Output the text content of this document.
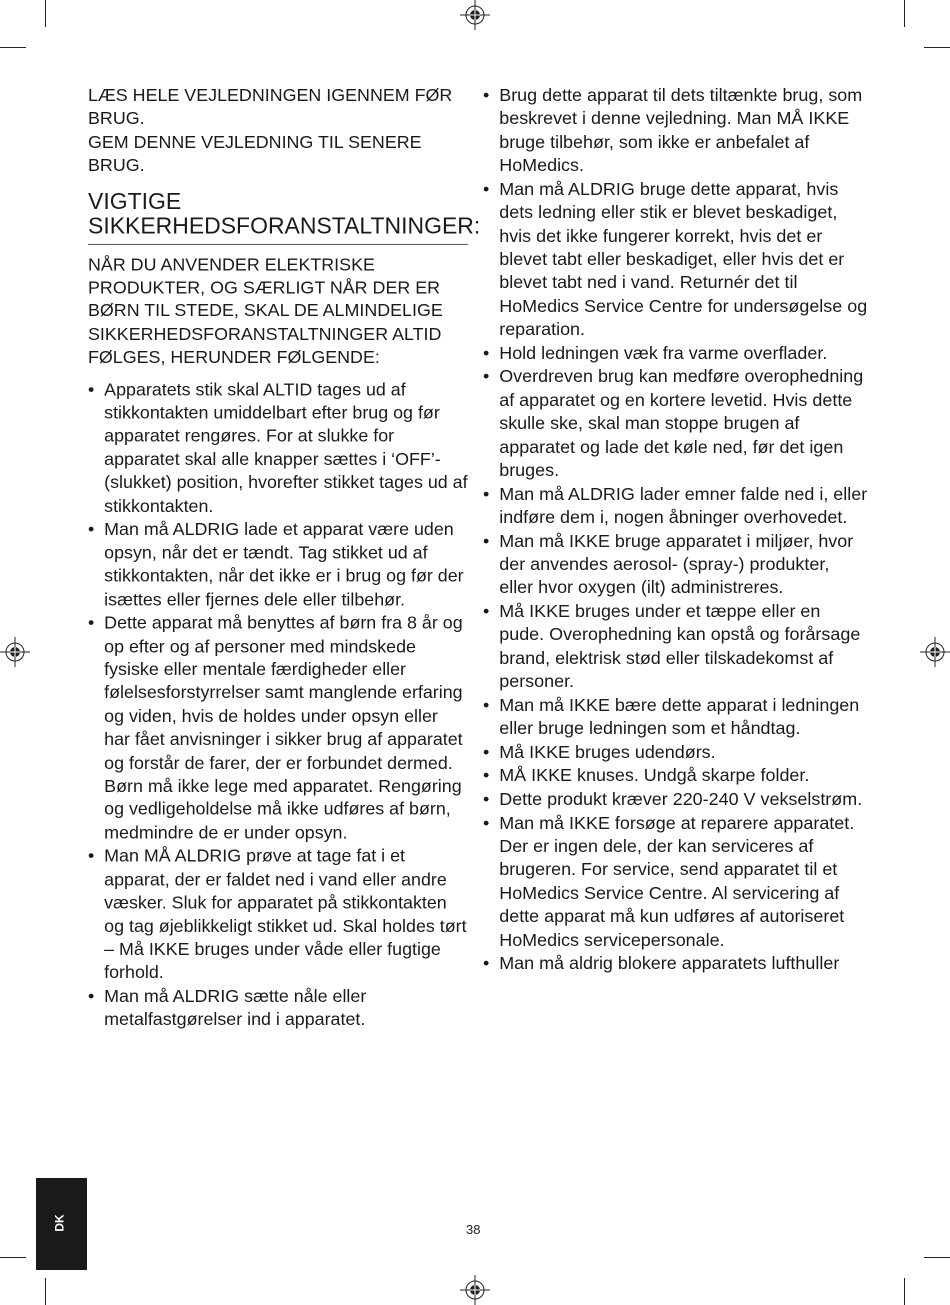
LÆS HELE VEJLEDNINGEN IGENNEM FØR BRUG.

GEM DENNE VEJLEDNING TIL SENERE BRUG.

VIGTIGE SIKKERHEDSFORANSTALTNINGER:

NÅR DU ANVENDER ELEKTRISKE PRODUKTER, OG SÆRLIGT NÅR DER ER BØRN TIL STEDE, SKAL DE ALMINDELIGE SIKKERHEDSFORANSTALTNINGER ALTID FØLGES, HERUNDER FØLGENDE:

• Apparatets stik skal ALTID tages ud af stikkontakten umiddelbart efter brug og før apparatet rengøres. For at slukke for apparatet skal alle knapper sættes i ‘OFF’- (slukket) position, hvorefter stikket tages ud af stikkontakten.
• Man må ALDRIG lade et apparat være uden opsyn, når det er tændt. Tag stikket ud af stikkontakten, når det ikke er i brug og før der isættes eller fjernes dele eller tilbehør.
• Dette apparat må benyttes af børn fra 8 år og op efter og af personer med mindskede fysiske eller mentale færdigheder eller følelsesforstyrrelser samt manglende erfaring og viden, hvis de holdes under opsyn eller har fået anvisninger i sikker brug af apparatet og forstår de farer, der er forbundet dermed. Børn må ikke lege med apparatet. Rengøring og vedligeholdelse må ikke udføres af børn, medmindre de er under opsyn.
• Man MÅ ALDRIG prøve at tage fat i et apparat, der er faldet ned i vand eller andre væsker. Sluk for apparatet på stikkontakten og tag øjeblikkeligt stikket ud. Skal holdes tørt – Må IKKE bruges under våde eller fugtige forhold.
• Man må ALDRIG sætte nåle eller metalfastgørelser ind i apparatet.
• Brug dette apparat til dets tiltænkte brug, som beskrevet i denne vejledning. Man MÅ IKKE bruge tilbehør, som ikke er anbefalet af HoMedics.
• Man må ALDRIG bruge dette apparat, hvis dets ledning eller stik er blevet beskadiget, hvis det ikke fungerer korrekt, hvis det er blevet tabt eller beskadiget, eller hvis det er blevet tabt ned i vand. Returnér det til HoMedics Service Centre for undersøgelse og reparation.
• Hold ledningen væk fra varme overflader.
• Overdreven brug kan medføre overophedning af apparatet og en kortere levetid. Hvis dette skulle ske, skal man stoppe brugen af apparatet og lade det køle ned, før det igen bruges.
• Man må ALDRIG lader emner falde ned i, eller indføre dem i, nogen åbninger overhovedet.
• Man må IKKE bruge apparatet i miljøer, hvor der anvendes aerosol- (spray-) produkter, eller hvor oxygen (ilt) administreres.
• Må IKKE bruges under et tæppe eller en pude. Overophedning kan opstå og forårsage brand, elektrisk stød eller tilskadekomst af personer.
• Man må IKKE bære dette apparat i ledningen eller bruge ledningen som et håndtag.
• Må IKKE bruges udendørs.
• MÅ IKKE knuses. Undgå skarpe folder.
• Dette produkt kræver 220-240 V vekselstrøm.
• Man må IKKE forsøge at reparere apparatet. Der er ingen dele, der kan serviceres af brugeren. For service, send apparatet til et HoMedics Service Centre. Al servicering af dette apparat må kun udføres af autoriseret HoMedics servicepersonale.
• Man må aldrig blokere apparatets lufthuller
DK	38
